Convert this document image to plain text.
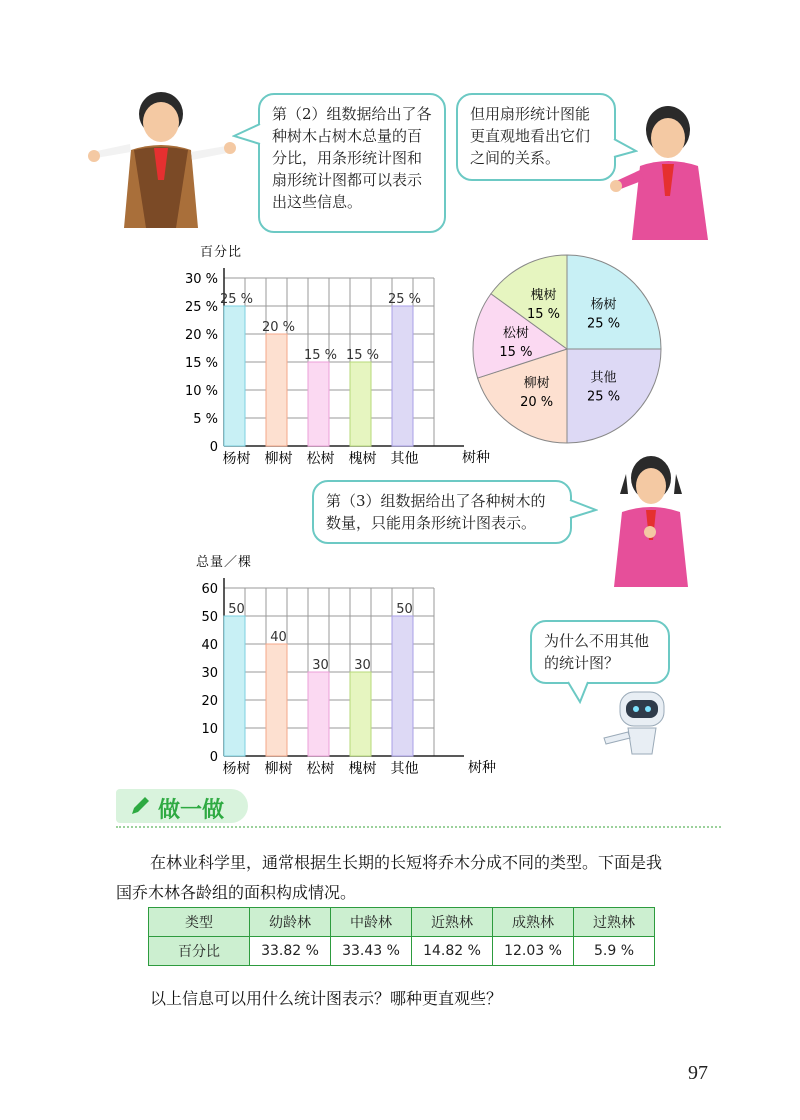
第（2）组数据给出了各种树木占树木总量的百分比，用条形统计图和扇形统计图都可以表示出这些信息。
但用扇形统计图能更直观地看出它们之间的关系。
第（3）组数据给出了各种树木的数量，只能用条形统计图表示。
为什么不用其他的统计图？
百分比
树种
0
5 %
10 %
15 %
20 %
25 %
30 %
25 %
杨树
20 %
柳树
15 %
松树
15 %
槐树
25 %
其他
杨树
25 %
其他
25 %
柳树
20 %
松树
15 %
槐树
15 %
总量／棵
树种
0
10
20
30
40
50
60
50
杨树
40
柳树
30
松树
30
槐树
50
其他
做一做
在林业科学里，通常根据生长期的长短将乔木分成不同的类型。下面是我
国乔木林各龄组的面积构成情况。
类型	幼龄林	中龄林	近熟林	成熟林	过熟林
百分比	33.82 %	33.43 %	14.82 %	12.03 %	5.9 %
以上信息可以用什么统计图表示？哪种更直观些？
97
